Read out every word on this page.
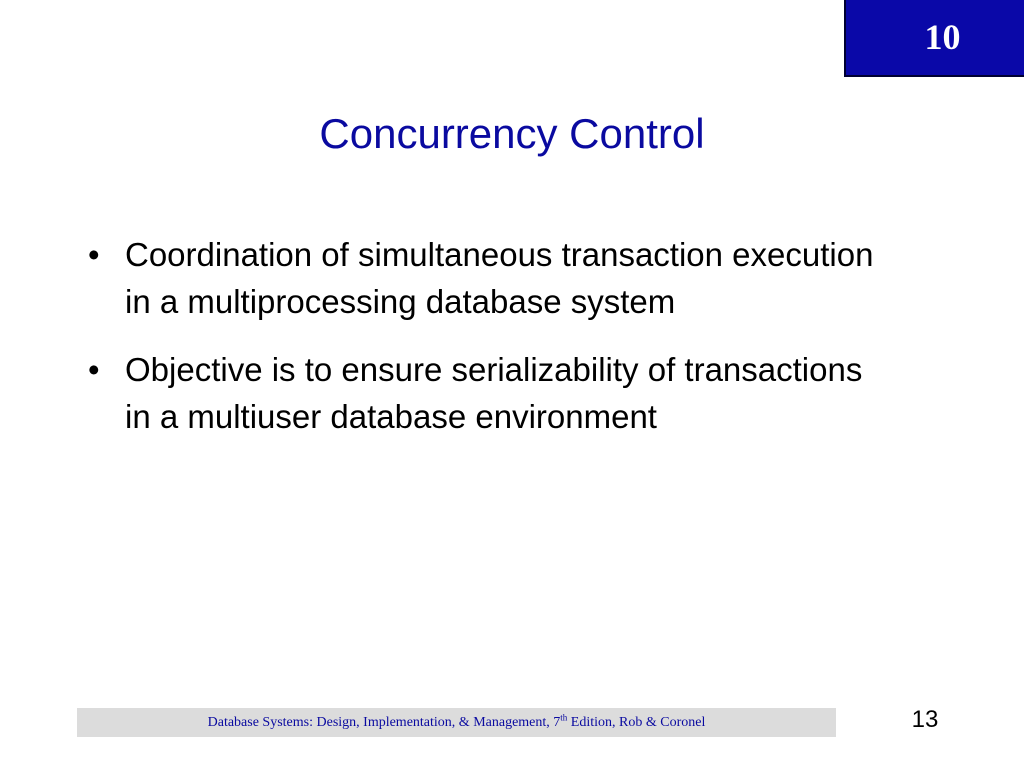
10
Concurrency Control
• Coordination of simultaneous transaction execution in a multiprocessing database system
• Objective is to ensure serializability of transactions in a multiuser database environment
Database Systems: Design, Implementation, & Management, 7th Edition, Rob & Coronel	13
